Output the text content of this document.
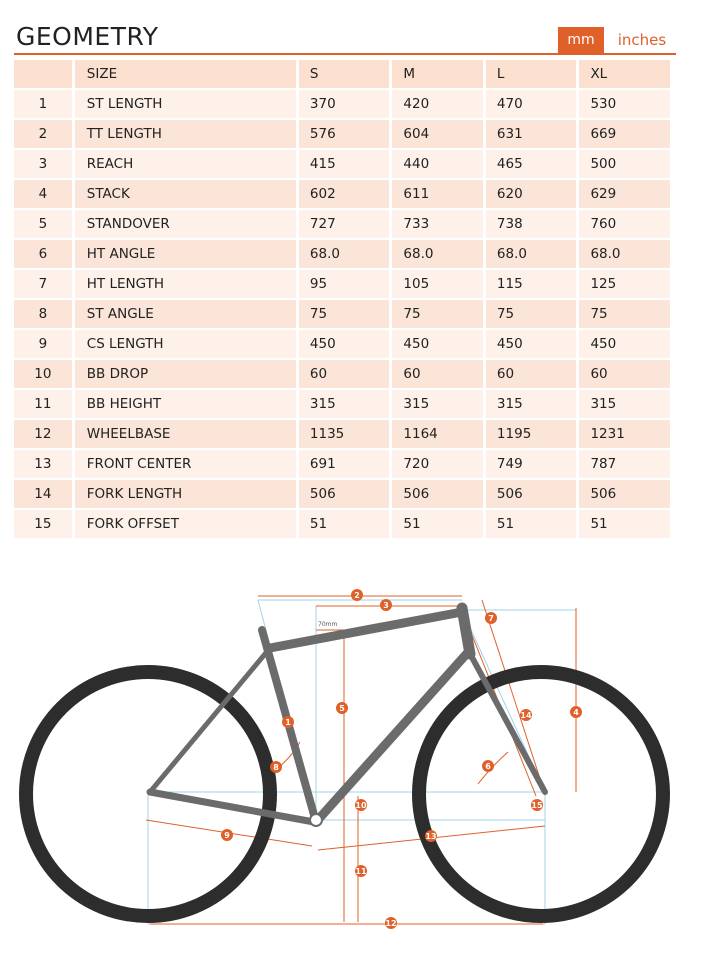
GEOMETRY	mm	inches
	SIZE	S	M	L	XL
1	ST LENGTH	370	420	470	530
2	TT LENGTH	576	604	631	669
3	REACH	415	440	465	500
4	STACK	602	611	620	629
5	STANDOVER	727	733	738	760
6	HT ANGLE	68.0	68.0	68.0	68.0
7	HT LENGTH	95	105	115	125
8	ST ANGLE	75	75	75	75
9	CS LENGTH	450	450	450	450
10	BB DROP	60	60	60	60
11	BB HEIGHT	315	315	315	315
12	WHEELBASE	1135	1164	1195	1231
13	FRONT CENTER	691	720	749	787
14	FORK LENGTH	506	506	506	506
15	FORK OFFSET	51	51	51	51
70mm
1
2
3
4
5
6
7
8
9
10
11
12
13
14
15
